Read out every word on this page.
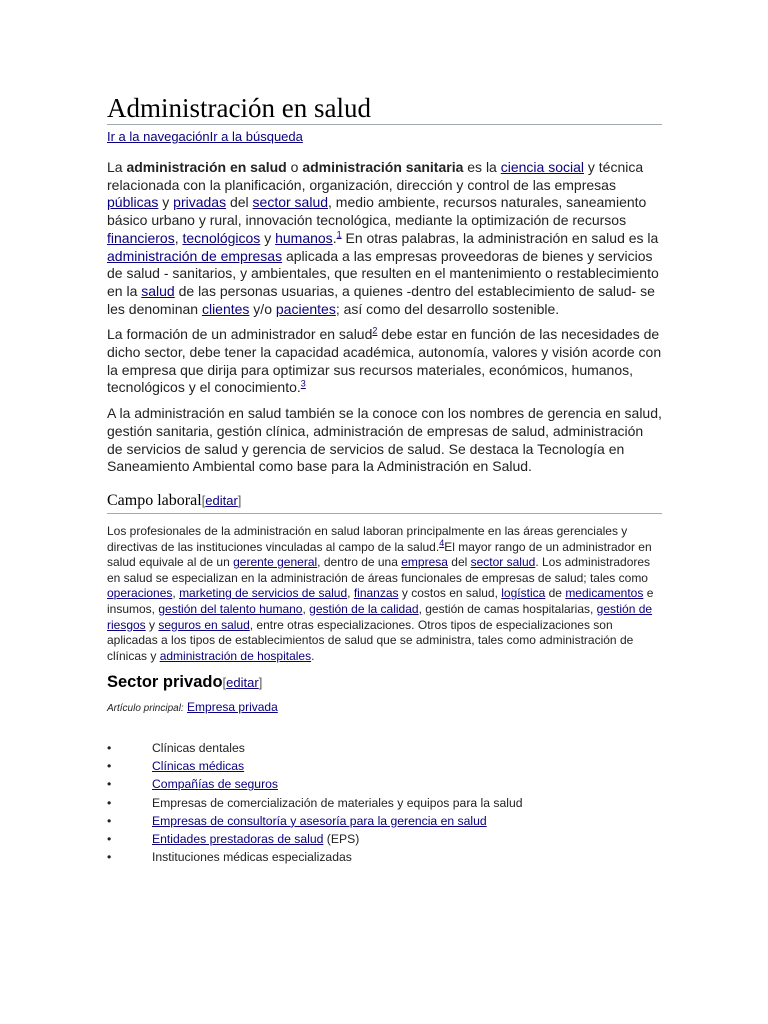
Administración en salud
Ir a la navegaciónIr a la búsqueda

La administración en salud o administración sanitaria es la ciencia social y técnica relacionada con la planificación, organización, dirección y control de las empresas públicas y privadas del sector salud, medio ambiente, recursos naturales, saneamiento básico urbano y rural, innovación tecnológica, mediante la optimización de recursos financieros, tecnológicos y humanos.$^1$ En otras palabras, la administración en salud es la administración de empresas aplicada a las empresas proveedoras de bienes y servicios de salud - sanitarios, y ambientales, que resulten en el mantenimiento o restablecimiento en la salud de las personas usuarias, a quienes -dentro del establecimiento de salud- se les denominan clientes y/o pacientes; así como del desarrollo sostenible.

La formación de un administrador en salud$^2$ debe estar en función de las necesidades de dicho sector, debe tener la capacidad académica, autonomía, valores y visión acorde con la empresa que dirija para optimizar sus recursos materiales, económicos, humanos, tecnológicos y el conocimiento.$^3$

A la administración en salud también se la conoce con los nombres de gerencia en salud, gestión sanitaria, gestión clínica, administración de empresas de salud, administración de servicios de salud y gerencia de servicios de salud. Se destaca la Tecnología en Saneamiento Ambiental como base para la Administración en Salud.

Campo laboral[editar]

Los profesionales de la administración en salud laboran principalmente en las áreas gerenciales y directivas de las instituciones vinculadas al campo de la salud.$^4$El mayor rango de un administrador en salud equivale al de un gerente general, dentro de una empresa del sector salud. Los administradores en salud se especializan en la administración de áreas funcionales de empresas de salud; tales como operaciones, marketing de servicios de salud, finanzas y costos en salud, logística de medicamentos e insumos, gestión del talento humano, gestión de la calidad, gestión de camas hospitalarias, gestión de riesgos y seguros en salud, entre otras especializaciones. Otros tipos de especializaciones son aplicadas a los tipos de establecimientos de salud que se administra, tales como administración de clínicas y administración de hospitales.

Sector privado[editar]
Artículo principal: Empresa privada
•	Clínicas dentales
•	Clínicas médicas
•	Compañías de seguros
•	Empresas de comercialización de materiales y equipos para la salud
•	Empresas de consultoría y asesoría para la gerencia en salud
•	Entidades prestadoras de salud (EPS)
•	Instituciones médicas especializadas
